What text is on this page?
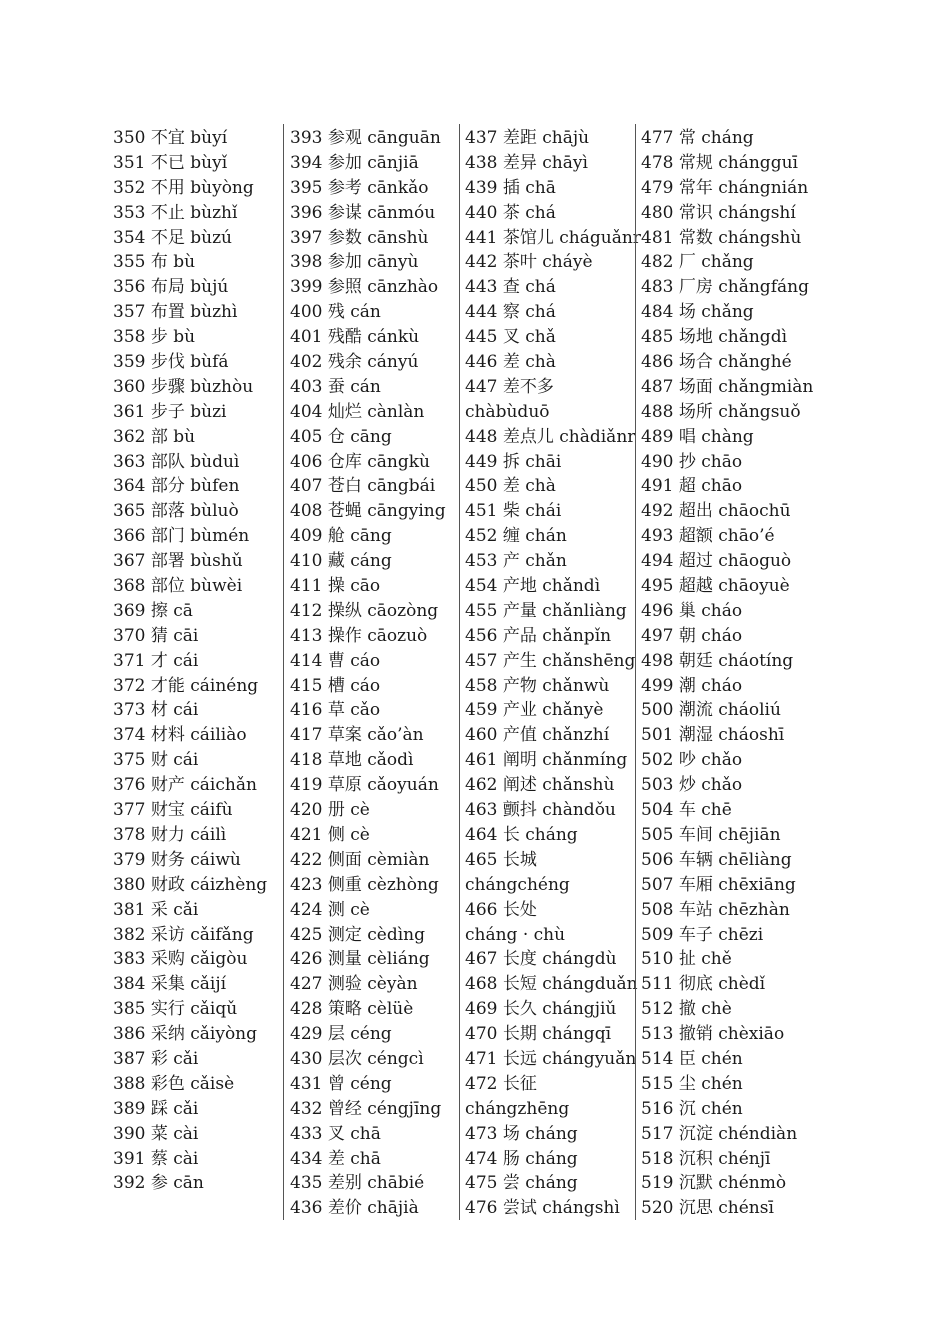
350 不宜 bùyí
351 不已 bùyǐ
352 不用 bùyòng
353 不止 bùzhǐ
354 不足 bùzú
355 布 bù
356 布局 bùjú
357 布置 bùzhì
358 步 bù
359 步伐 bùfá
360 步骤 bùzhòu
361 步子 bùzi
362 部 bù
363 部队 bùduì
364 部分 bùfen
365 部落 bùluò
366 部门 bùmén
367 部署 bùshǔ
368 部位 bùwèi
369 擦 cā
370 猜 cāi
371 才 cái
372 才能 cáinéng
373 材 cái
374 材料 cáiliào
375 财 cái
376 财产 cáichǎn
377 财宝 cáifù
378 财力 cáilì
379 财务 cáiwù
380 财政 cáizhèng
381 采 cǎi
382 采访 cǎifǎng
383 采购 cǎigòu
384 采集 cǎijí
385 实行 cǎiqǔ
386 采纳 cǎiyòng
387 彩 cǎi
388 彩色 cǎisè
389 踩 cǎi
390 菜 cài
391 蔡 cài
392 参 cān
393 参观 cānguān
394 参加 cānjiā
395 参考 cānkǎo
396 参谋 cānmóu
397 参数 cānshù
398 参加 cānyù
399 参照 cānzhào
400 残 cán
401 残酷 cánkù
402 残余 cányú
403 蚕 cán
404 灿烂 cànlàn
405 仓 cāng
406 仓库 cāngkù
407 苍白 cāngbái
408 苍蝇 cāngying
409 舱 cāng
410 藏 cáng
411 操 cāo
412 操纵 cāozòng
413 操作 cāozuò
414 曹 cáo
415 槽 cáo
416 草 cǎo
417 草案 cǎo’àn
418 草地 cǎodì
419 草原 cǎoyuán
420 册 cè
421 侧 cè
422 侧面 cèmiàn
423 侧重 cèzhòng
424 测 cè
425 测定 cèdìng
426 测量 cèliáng
427 测验 cèyàn
428 策略 cèlüè
429 层 céng
430 层次 céngcì
431 曾 céng
432 曾经 céngjīng
433 叉 chā
434 差 chā
435 差别 chābié
436 差价 chājià
437 差距 chājù
438 差异 chāyì
439 插 chā
440 茶 chá
441 茶馆儿 cháguǎnr
442 茶叶 cháyè
443 查 chá
444 察 chá
445 叉 chǎ
446 差 chà
447 差不多
chàbùduō
448 差点儿 chàdiǎnr
449 拆 chāi
450 差 chà
451 柴 chái
452 缠 chán
453 产 chǎn
454 产地 chǎndì
455 产量 chǎnliàng
456 产品 chǎnpǐn
457 产生 chǎnshēng
458 产物 chǎnwù
459 产业 chǎnyè
460 产值 chǎnzhí
461 阐明 chǎnmíng
462 阐述 chǎnshù
463 颤抖 chàndǒu
464 长 cháng
465 长城
chángchéng
466 长处
cháng · chù
467 长度 chángdù
468 长短 chángduǎn
469 长久 chángjiǔ
470 长期 chángqī
471 长远 chángyuǎn
472 长征
chángzhēng
473 场 cháng
474 肠 cháng
475 尝 cháng
476 尝试 chángshì
477 常 cháng
478 常规 chángguī
479 常年 chángnián
480 常识 chángshí
481 常数 chángshù
482 厂 chǎng
483 厂房 chǎngfáng
484 场 chǎng
485 场地 chǎngdì
486 场合 chǎnghé
487 场面 chǎngmiàn
488 场所 chǎngsuǒ
489 唱 chàng
490 抄 chāo
491 超 chāo
492 超出 chāochū
493 超额 chāo’é
494 超过 chāoguò
495 超越 chāoyuè
496 巢 cháo
497 朝 cháo
498 朝廷 cháotíng
499 潮 cháo
500 潮流 cháoliú
501 潮湿 cháoshī
502 吵 chǎo
503 炒 chǎo
504 车 chē
505 车间 chējiān
506 车辆 chēliàng
507 车厢 chēxiāng
508 车站 chēzhàn
509 车子 chēzi
510 扯 chě
511 彻底 chèdǐ
512 撤 chè
513 撤销 chèxiāo
514 臣 chén
515 尘 chén
516 沉 chén
517 沉淀 chéndiàn
518 沉积 chénjī
519 沉默 chénmò
520 沉思 chénsī
